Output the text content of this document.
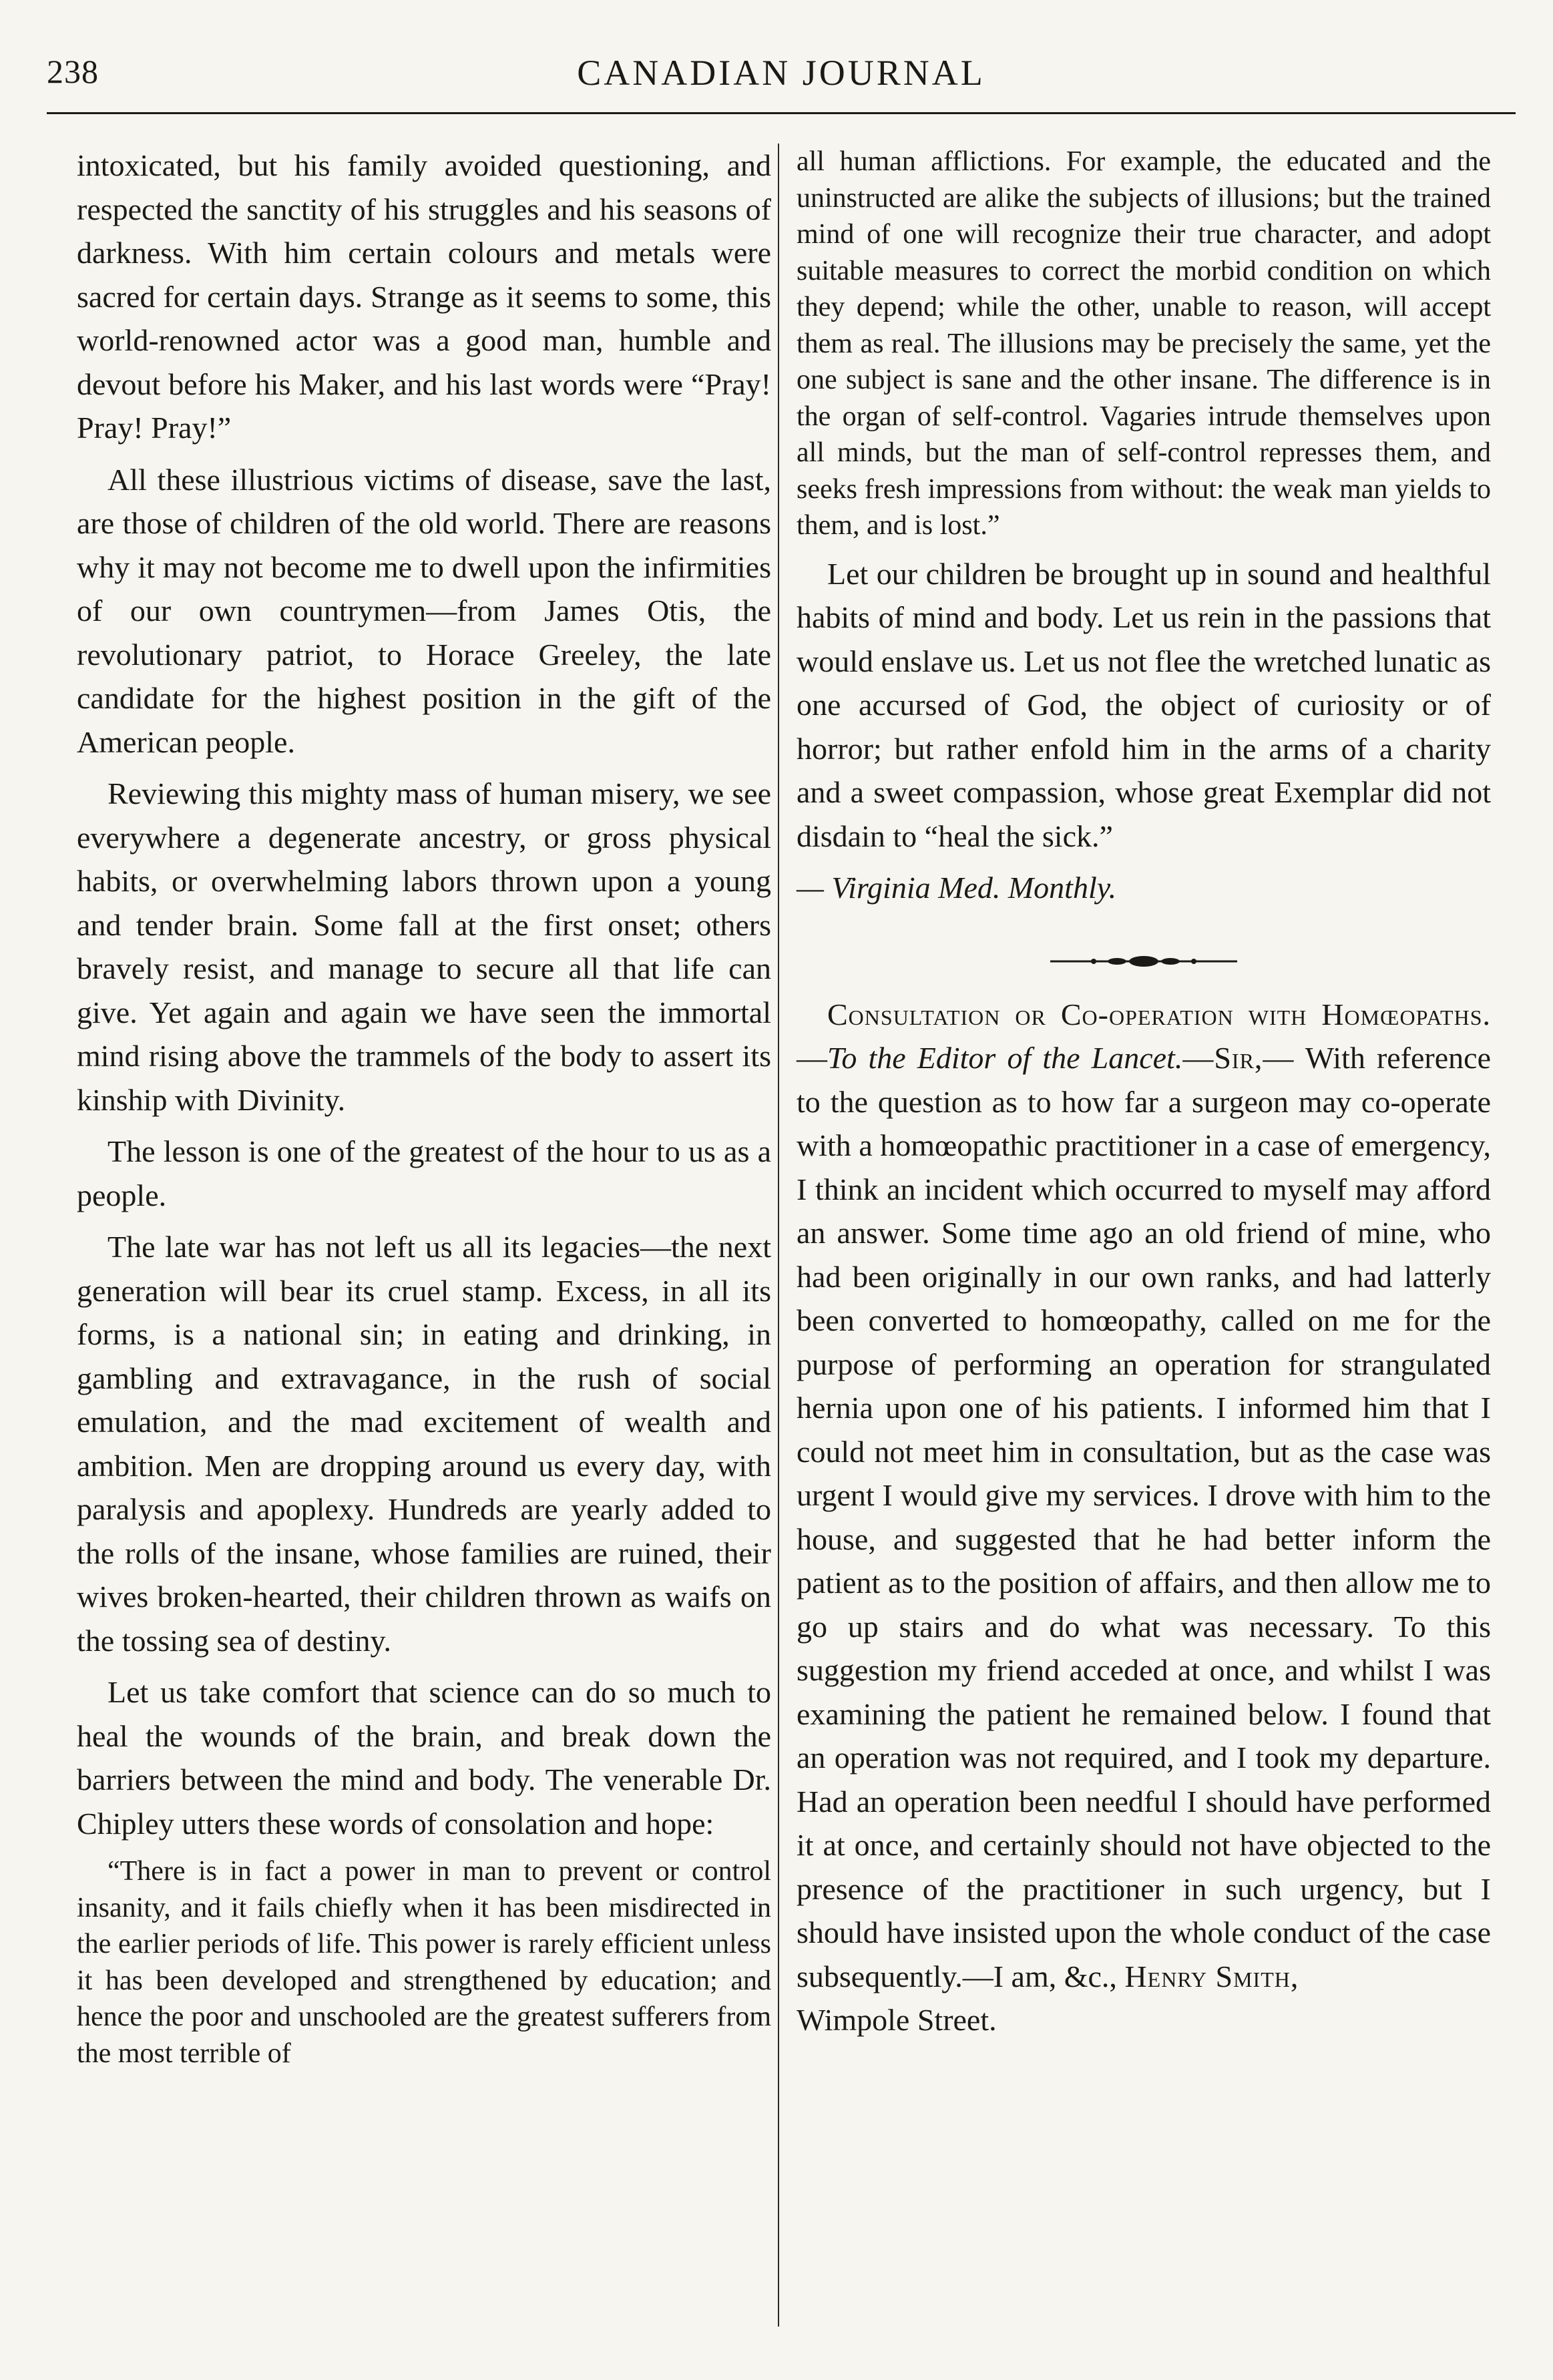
238	CANADIAN JOURNAL

intoxicated, but his family avoided questioning, and respected the sanctity of his struggles and his seasons of darkness. With him certain colours and metals were sacred for certain days. Strange as it seems to some, this world-renowned actor was a good man, humble and devout before his Maker, and his last words were “Pray! Pray! Pray!”

All these illustrious victims of disease, save the last, are those of children of the old world. There are reasons why it may not become me to dwell upon the infirmities of our own countrymen—from James Otis, the revolutionary patriot, to Horace Greeley, the late candidate for the highest position in the gift of the American people.

Reviewing this mighty mass of human misery, we see everywhere a degenerate ancestry, or gross physical habits, or overwhelming labors thrown upon a young and tender brain. Some fall at the first onset; others bravely resist, and manage to secure all that life can give. Yet again and again we have seen the immortal mind rising above the trammels of the body to assert its kinship with Divinity.

The lesson is one of the greatest of the hour to us as a people.

The late war has not left us all its legacies—the next generation will bear its cruel stamp. Excess, in all its forms, is a national sin; in eating and drinking, in gambling and extravagance, in the rush of social emulation, and the mad excitement of wealth and ambition. Men are dropping around us every day, with paralysis and apoplexy. Hundreds are yearly added to the rolls of the insane, whose families are ruined, their wives broken-hearted, their children thrown as waifs on the tossing sea of destiny.

Let us take comfort that science can do so much to heal the wounds of the brain, and break down the barriers between the mind and body. The venerable Dr. Chipley utters these words of consolation and hope:

“There is in fact a power in man to prevent or control insanity, and it fails chiefly when it has been misdirected in the earlier periods of life. This power is rarely efficient unless it has been developed and strengthened by education; and hence the poor and unschooled are the greatest sufferers from the most terrible of

all human afflictions. For example, the educated and the uninstructed are alike the subjects of illusions; but the trained mind of one will recognize their true character, and adopt suitable measures to correct the morbid condition on which they depend; while the other, unable to reason, will accept them as real. The illusions may be precisely the same, yet the one subject is sane and the other insane. The difference is in the organ of self-control. Vagaries intrude themselves upon all minds, but the man of self-control represses them, and seeks fresh impressions from without: the weak man yields to them, and is lost.”

Let our children be brought up in sound and healthful habits of mind and body. Let us rein in the passions that would enslave us. Let us not flee the wretched lunatic as one accursed of God, the object of curiosity or of horror; but rather enfold him in the arms of a charity and a sweet compassion, whose great Exemplar did not disdain to “heal the sick.”

— Virginia Med. Monthly.

Consultation or Co-operation with Homœopaths. —To the Editor of the Lancet.—Sir,— With reference to the question as to how far a surgeon may co-operate with a homœopathic practitioner in a case of emergency, I think an incident which occurred to myself may afford an answer. Some time ago an old friend of mine, who had been originally in our own ranks, and had latterly been converted to homœopathy, called on me for the purpose of performing an operation for strangulated hernia upon one of his patients. I informed him that I could not meet him in consultation, but as the case was urgent I would give my services. I drove with him to the house, and suggested that he had better inform the patient as to the position of affairs, and then allow me to go up stairs and do what was necessary. To this suggestion my friend acceded at once, and whilst I was examining the patient he remained below. I found that an operation was not required, and I took my departure. Had an operation been needful I should have performed it at once, and certainly should not have objected to the presence of the practitioner in such urgency, but I should have insisted upon the whole conduct of the case subsequently.—I am, &c., Henry Smith,
Wimpole Street.
